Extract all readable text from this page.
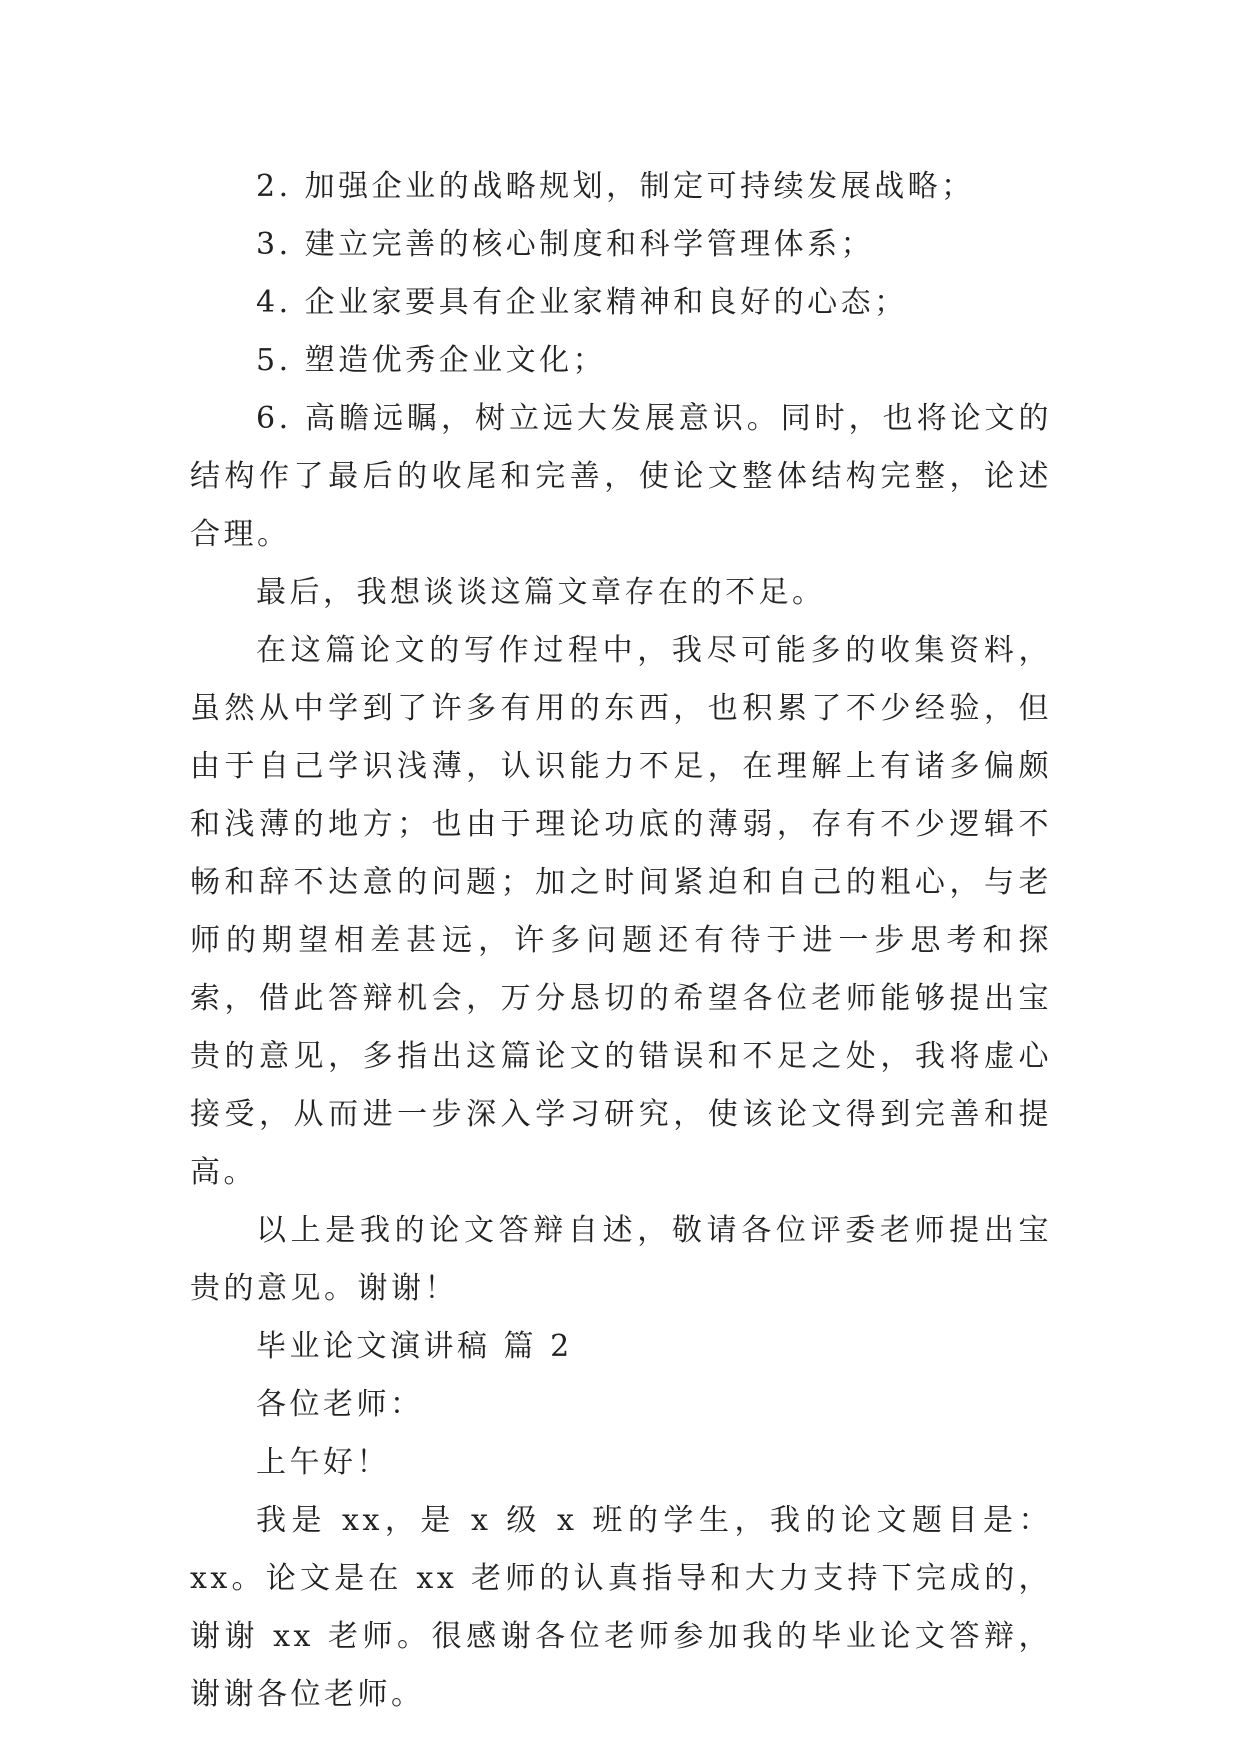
2. 加强企业的战略规划，制定可持续发展战略；

3. 建立完善的核心制度和科学管理体系；

4. 企业家要具有企业家精神和良好的心态；

5. 塑造优秀企业文化；

6. 高瞻远瞩，树立远大发展意识。同时，也将论文的结构作了最后的收尾和完善，使论文整体结构完整，论述合理。

最后，我想谈谈这篇文章存在的不足。

在这篇论文的写作过程中，我尽可能多的收集资料，虽然从中学到了许多有用的东西，也积累了不少经验，但由于自己学识浅薄，认识能力不足，在理解上有诸多偏颇和浅薄的地方；也由于理论功底的薄弱，存有不少逻辑不畅和辞不达意的问题；加之时间紧迫和自己的粗心，与老师的期望相差甚远，许多问题还有待于进一步思考和探索，借此答辩机会，万分恳切的希望各位老师能够提出宝贵的意见，多指出这篇论文的错误和不足之处，我将虚心接受，从而进一步深入学习研究，使该论文得到完善和提高。

以上是我的论文答辩自述，敬请各位评委老师提出宝贵的意见。谢谢！

毕业论文演讲稿 篇 2

各位老师：

上午好！

我是 xx，是 x 级 x 班的学生，我的论文题目是：xx。论文是在 xx 老师的认真指导和大力支持下完成的，谢谢 xx 老师。很感谢各位老师参加我的毕业论文答辩，谢谢各位老师。
